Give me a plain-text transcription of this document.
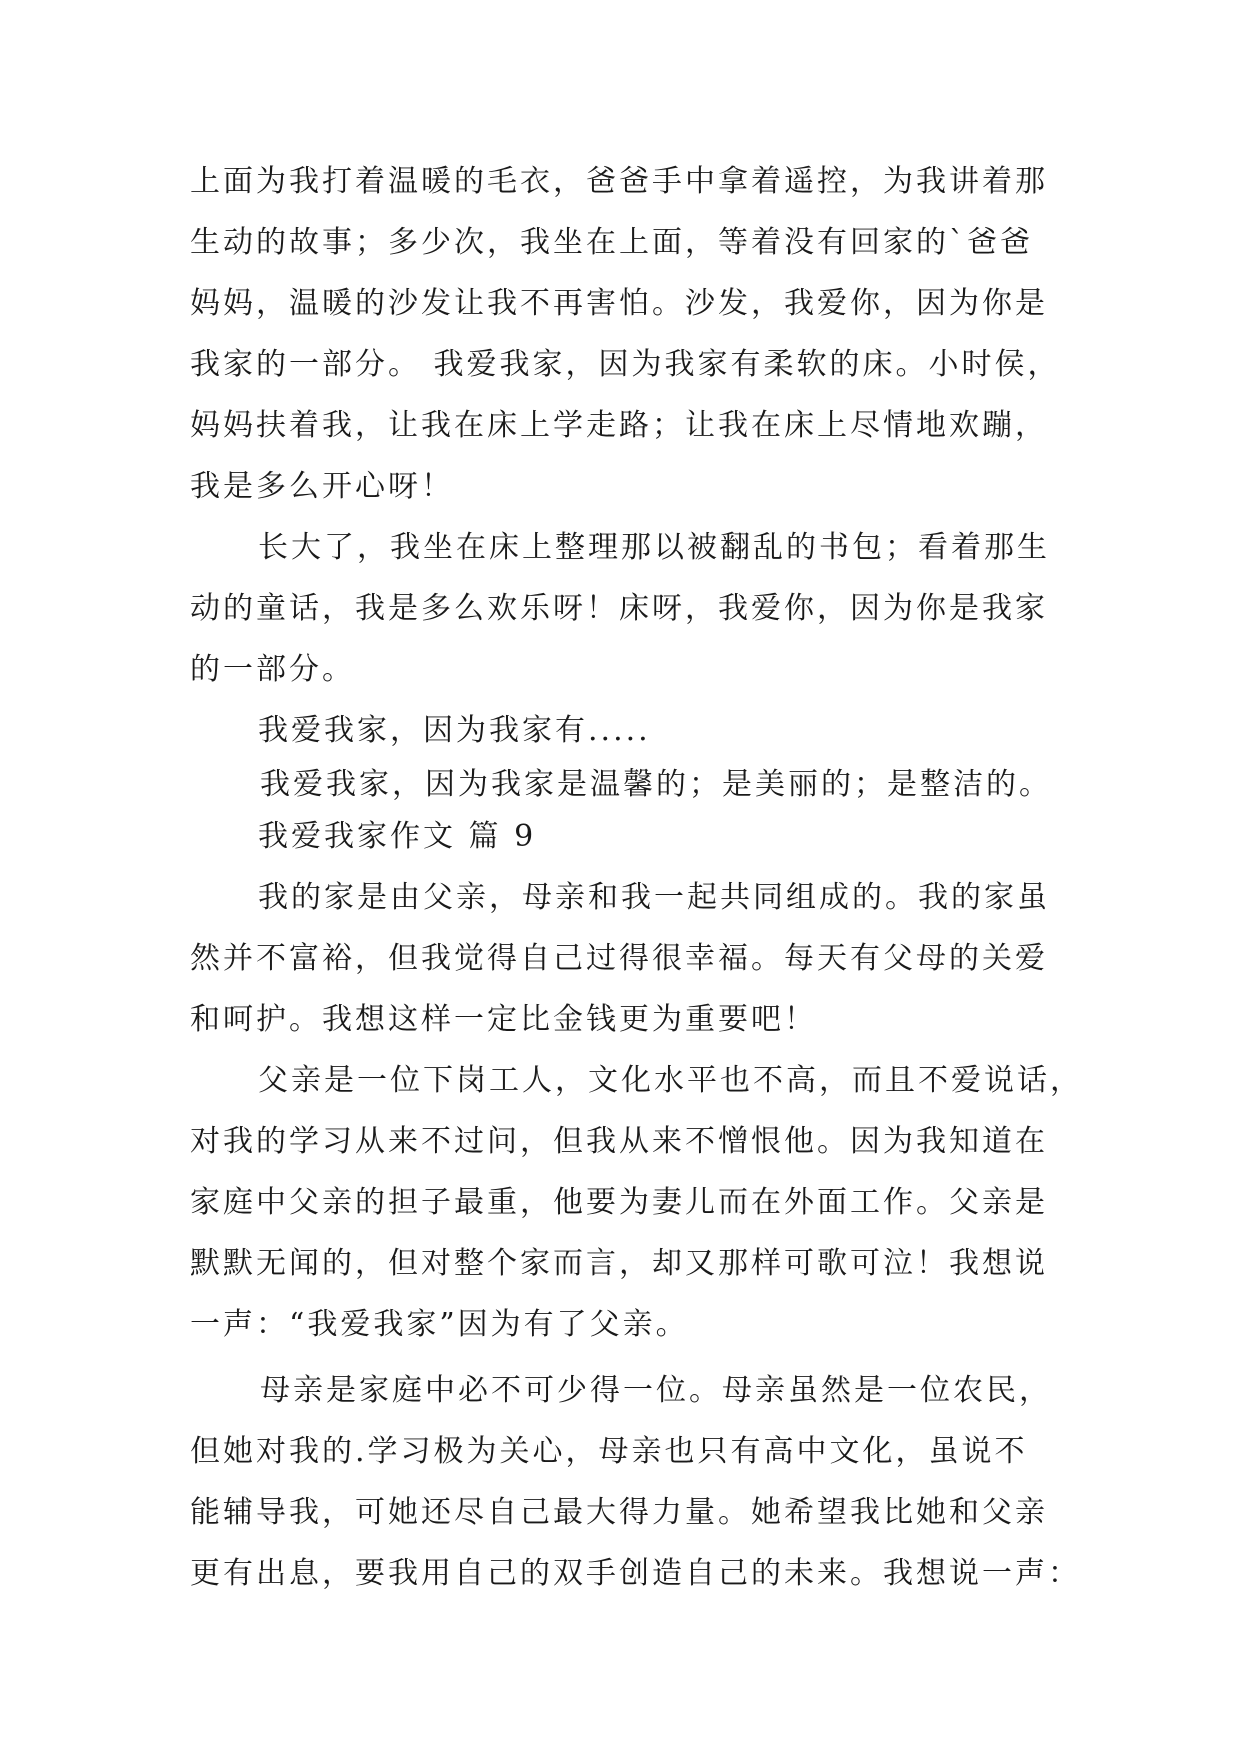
上面为我打着温暖的毛衣，爸爸手中拿着遥控，为我讲着那
生动的故事；多少次，我坐在上面，等着没有回家的`爸爸
妈妈，温暖的沙发让我不再害怕。沙发，我爱你，因为你是
我家的一部分。 我爱我家，因为我家有柔软的床。小时侯，
妈妈扶着我，让我在床上学走路；让我在床上尽情地欢蹦，
我是多么开心呀！
长大了，我坐在床上整理那以被翻乱的书包；看着那生
动的童话，我是多么欢乐呀！床呀，我爱你，因为你是我家
的一部分。
我爱我家，因为我家有.....
我爱我家，因为我家是温馨的；是美丽的；是整洁的。
我爱我家作文 篇 9
我的家是由父亲，母亲和我一起共同组成的。我的家虽
然并不富裕，但我觉得自己过得很幸福。每天有父母的关爱
和呵护。我想这样一定比金钱更为重要吧！
父亲是一位下岗工人，文化水平也不高，而且不爱说话，
对我的学习从来不过问，但我从来不憎恨他。因为我知道在
家庭中父亲的担子最重，他要为妻儿而在外面工作。父亲是
默默无闻的，但对整个家而言，却又那样可歌可泣！我想说
一声：“我爱我家”因为有了父亲。
母亲是家庭中必不可少得一位。母亲虽然是一位农民，
但她对我的.学习极为关心，母亲也只有高中文化，虽说不
能辅导我，可她还尽自己最大得力量。她希望我比她和父亲
更有出息，要我用自己的双手创造自己的未来。我想说一声：
